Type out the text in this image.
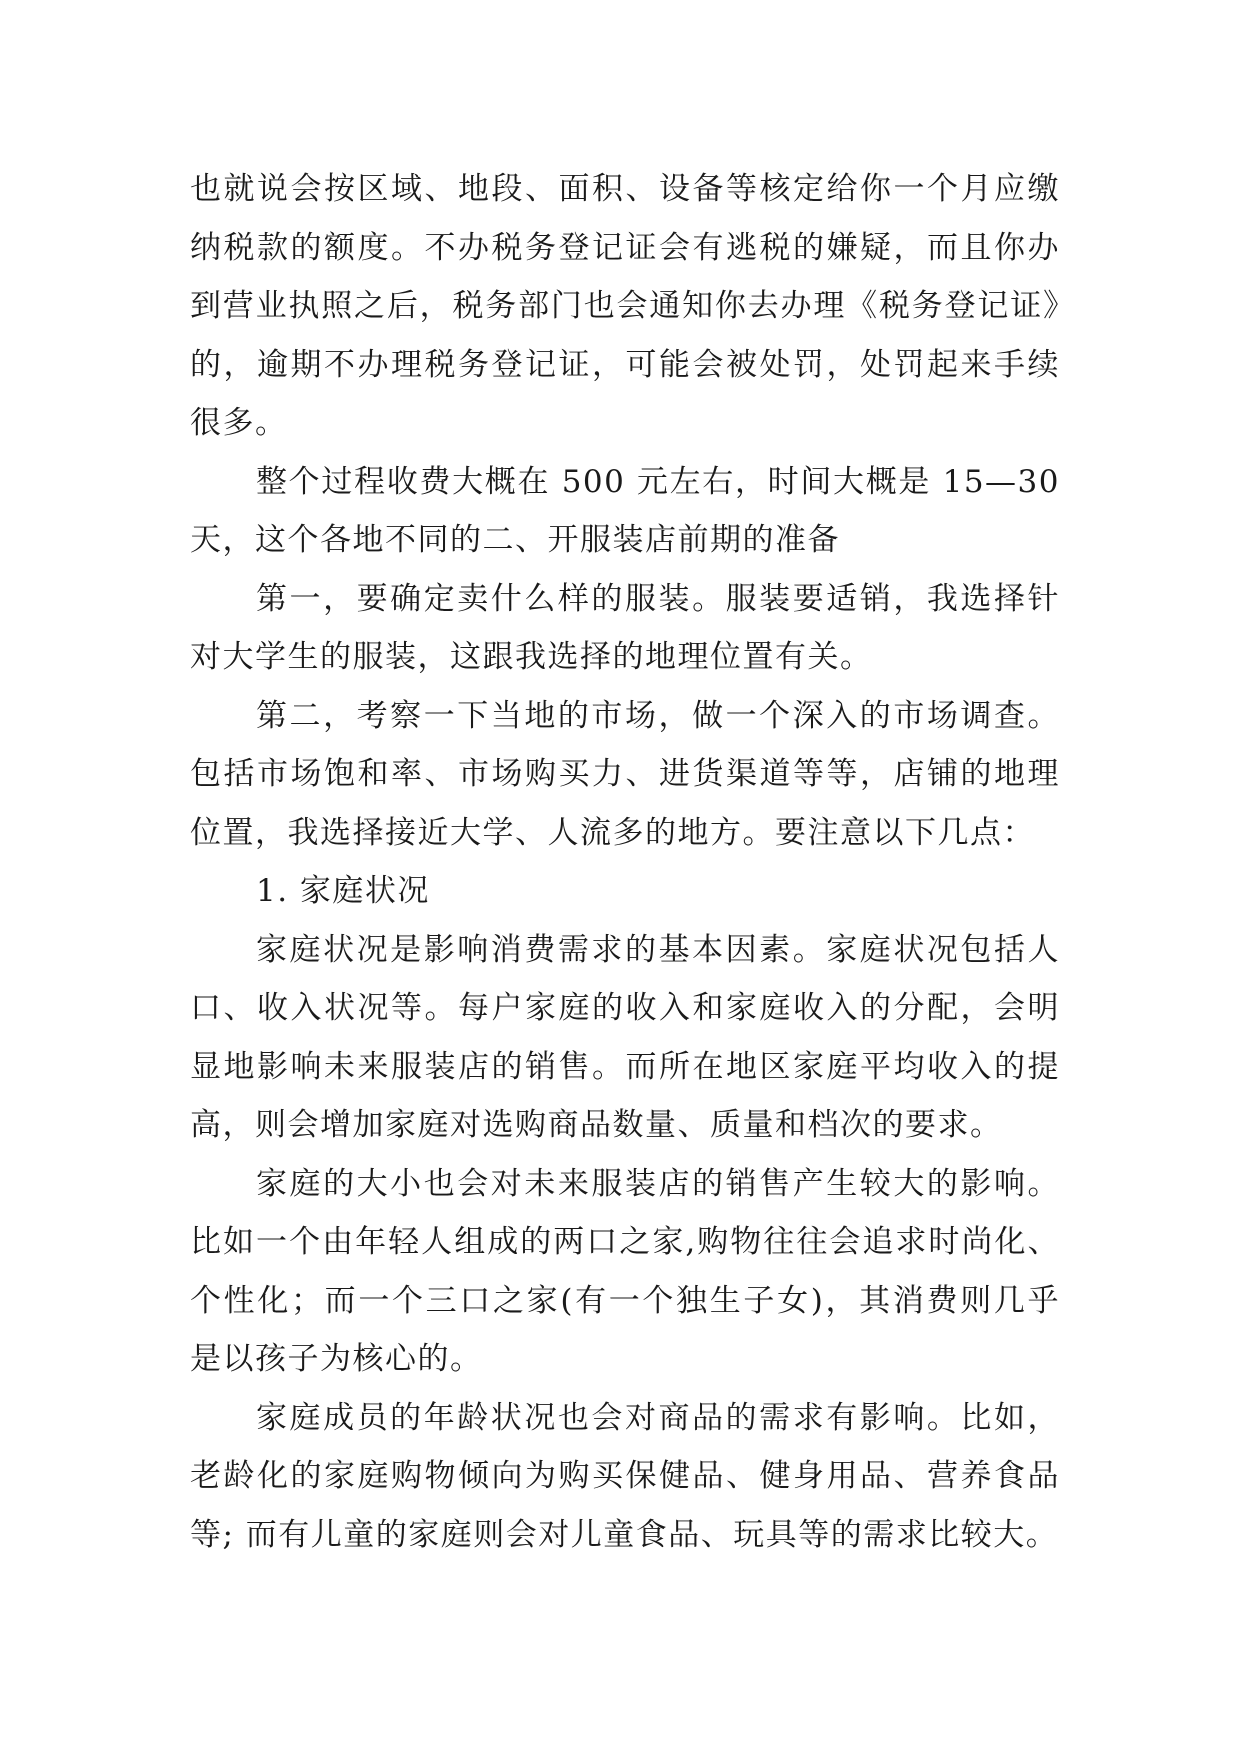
也就说会按区域、地段、面积、设备等核定给你一个月应缴纳税款的额度。不办税务登记证会有逃税的嫌疑，而且你办到营业执照之后，税务部门也会通知你去办理《税务登记证》的，逾期不办理税务登记证，可能会被处罚，处罚起来手续很多。

整个过程收费大概在 500 元左右，时间大概是 15—30 天，这个各地不同的二、开服装店前期的准备

第一，要确定卖什么样的服装。服装要适销，我选择针对大学生的服装，这跟我选择的地理位置有关。

第二，考察一下当地的市场，做一个深入的市场调查。包括市场饱和率、市场购买力、进货渠道等等，店铺的地理位置，我选择接近大学、人流多的地方。要注意以下几点：

1. 家庭状况

家庭状况是影响消费需求的基本因素。家庭状况包括人口、收入状况等。每户家庭的收入和家庭收入的分配，会明显地影响未来服装店的销售。而所在地区家庭平均收入的提高，则会增加家庭对选购商品数量、质量和档次的要求。

家庭的大小也会对未来服装店的销售产生较大的影响。比如一个由年轻人组成的两口之家,购物往往会追求时尚化、个性化；而一个三口之家(有一个独生子女)，其消费则几乎是以孩子为核心的。

家庭成员的年龄状况也会对商品的需求有影响。比如，老龄化的家庭购物倾向为购买保健品、健身用品、营养食品等; 而有儿童的家庭则会对儿童食品、玩具等的需求比较大。
